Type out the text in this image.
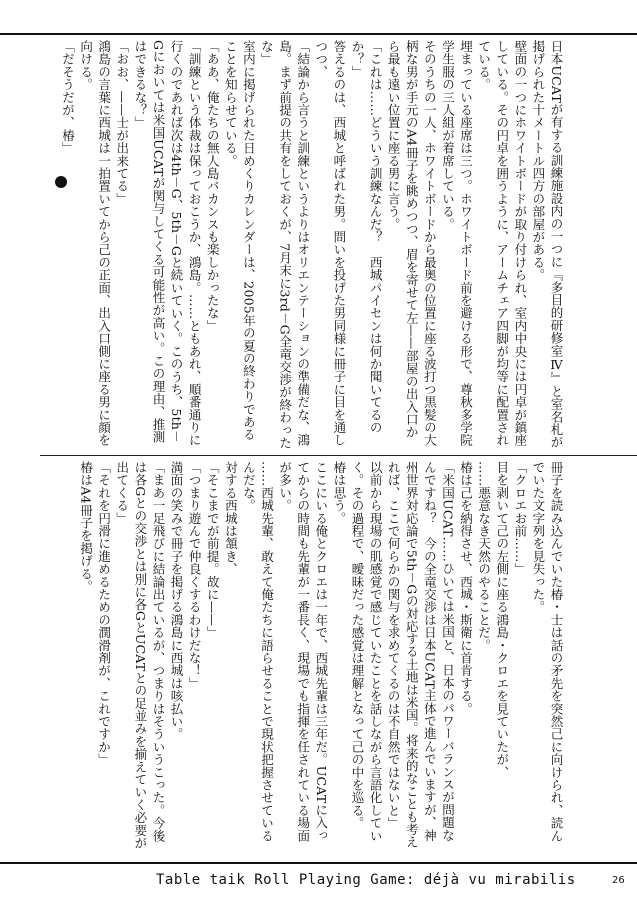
日本UCATが有する訓練施設内の一つに『多目的研修室Ⅳ』と室名札が掲げられた十メートル四方の部屋がある。

壁面の一つにホワイトボードが取り付けられ、室内中央には円卓が鎮座している。その円卓を囲うように、アームチェア四脚が均等に配置されている。

埋まっている座席は三つ。ホワイトボード前を避ける形で、尊秋多学院学生服の三人組が着席している。

そのうちの一人、ホワイトボードから最奥の位置に座る波打つ黒髪の大柄な男が手元のA4冊子を眺めつつ、眉を寄せて左——部屋の出入口から最も遠い位置に座る男に言う。

「これは……どういう訓練なんだ？　西城パイセンは何か聞いてるのか？」

答えるのは、西城と呼ばれた男。問いを投げた男同様に冊子に目を通しつつ、

「結論から言うと訓練というよりはオリエンテーションの準備だな、鴻島。まず前提の共有をしておくが、7月末に3rd－G全竜交渉が終わったな」

室内に掲げられた日めくりカレンダーは、2005年の夏の終わりであることを知らせている。

「ああ、俺たちの無人島バカンスも楽しかったな」

「訓練という体裁は保っておこうか、鴻島。……ともあれ、順番通りに行くのであれば次は4th－G、5th－Gと続いていく。このうち、5th－Gにおいては米国UCATが関与してくる可能性が高い。この理由、推測はできるな？」

「おお、——士が出来てる」

鴻島の言葉に西城は一拍置いてから己の正面、出入口側に座る男に顔を向ける。

「だそうだが、椿」

冊子を読み込んでいた椿・士は話の矛先を突然己に向けられ、読んでいた文字列を見失った。

「クロエお前……」

目を剥いて己の左側に座る鴻島・クロエを見ていたが、

……悪意なき天然のやることだ。

椿は己を納得させ、西城・斯衛に首肯する。

「米国UCAT……ひいては米国と、日本のパワーバランスが問題なんですね？　今の全竜交渉は日本UCAT主体で進んでいますが、神州世界対応論で5th－Gの対応する土地は米国。将来的なことも考えれば、ここで何らかの関与を求めてくるのは不自然ではないと」

以前から現場の肌感覚で感じていたことを話しながら言語化していく。その過程で、曖昧だった感覚は理解となって己の中を巡る。

椿は思う。

ここにいる俺とクロエは一年で、西城先輩は三年だ。UCATに入ってからの時間も先輩が一番長く、現場でも指揮を任されている場面が多い。

……西城先輩、敢えて俺たちに語らせることで現状把握させているんだな。

対する西城は頷き、

「そこまでが前提。故に——」

「つまり遊んで仲良くするわけだな！」

満面の笑みで冊子を掲げる鴻島に西城は咳払い。

「まあ一足飛びに結論出ているが、つまりはそういうこった。今後は各Gとの交渉とは別に各GとUCATとの足並みを揃えていく必要が出てくる」

「それを円滑に進めるための潤滑剤が、これですか」

椿はA4冊子を掲げる。

Table taik Roll Playing Game: déjà vu mirabilis	26
